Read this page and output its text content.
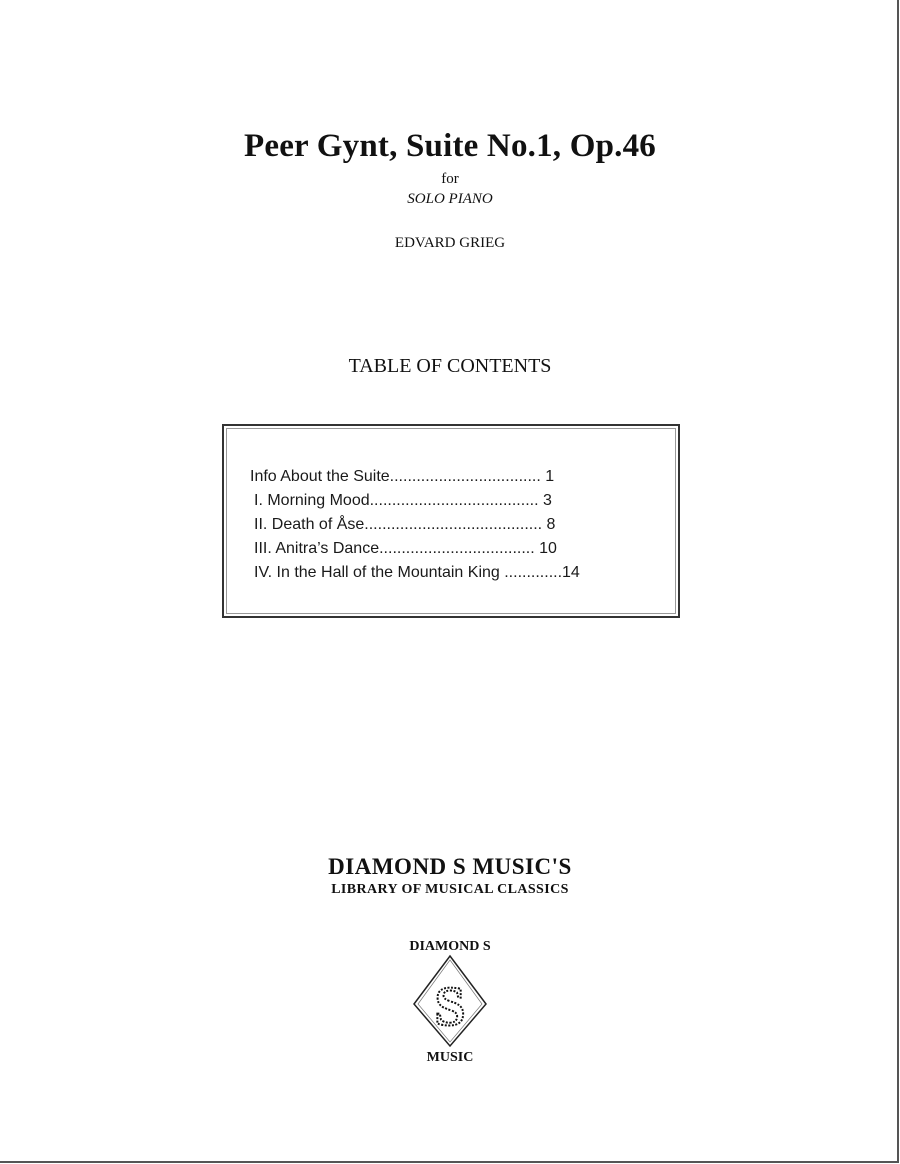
Peer Gynt, Suite No.1, Op.46
for
SOLO PIANO
EDVARD GRIEG
TABLE OF CONTENTS
Info About the Suite.................................. 1
I. Morning Mood...................................... 3
II. Death of Åse........................................ 8
III. Anitra’s Dance................................... 10
IV. In the Hall of the Mountain King .............14
DIAMOND S MUSIC'S
LIBRARY OF MUSICAL CLASSICS
DIAMOND S
S
MUSIC
